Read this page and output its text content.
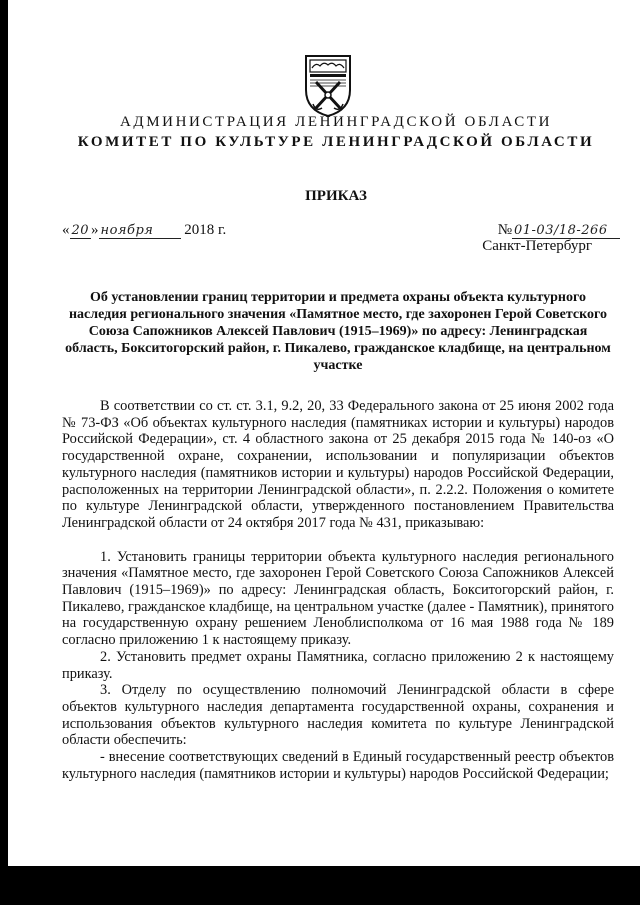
АДМИНИСТРАЦИЯ ЛЕНИНГРАДСКОЙ ОБЛАСТИ
КОМИТЕТ ПО КУЛЬТУРЕ ЛЕНИНГРАДСКОЙ ОБЛАСТИ
ПРИКАЗ
« 20 » ноября 2018 г.	№ 01-03/18-266
Санкт-Петербург
Об установлении границ территории и предмета охраны объекта культурного наследия регионального значения «Памятное место, где захоронен Герой Советского Союза Сапожников Алексей Павлович (1915–1969)» по адресу: Ленинградская область, Бокситогорский район, г. Пикалево, гражданское кладбище, на центральном участке

В соответствии со ст. ст. 3.1, 9.2, 20, 33 Федерального закона от 25 июня 2002 года № 73-ФЗ «Об объектах культурного наследия (памятниках истории и культуры) народов Российской Федерации», ст. 4 областного закона от 25 декабря 2015 года № 140-оз «О государственной охране, сохранении, использовании и популяризации объектов культурного наследия (памятников истории и культуры) народов Российской Федерации, расположенных на территории Ленинградской области», п. 2.2.2. Положения о комитете по культуре Ленинградской области, утвержденного постановлением Правительства Ленинградской области от 24 октября 2017 года № 431, приказываю:

1. Установить границы территории объекта культурного наследия регионального значения «Памятное место, где захоронен Герой Советского Союза Сапожников Алексей Павлович (1915–1969)» по адресу: Ленинградская область, Бокситогорский район, г. Пикалево, гражданское кладбище, на центральном участке (далее - Памятник), принятого на государственную охрану решением Леноблисполкома от 16 мая 1988 года № 189 согласно приложению 1 к настоящему приказу.

2. Установить предмет охраны Памятника, согласно приложению 2 к настоящему приказу.

3. Отделу по осуществлению полномочий Ленинградской области в сфере объектов культурного наследия департамента государственной охраны, сохранения и использования объектов культурного наследия комитета по культуре Ленинградской области обеспечить:

- внесение соответствующих сведений в Единый государственный реестр объектов культурного наследия (памятников истории и культуры) народов Российской Федерации;
